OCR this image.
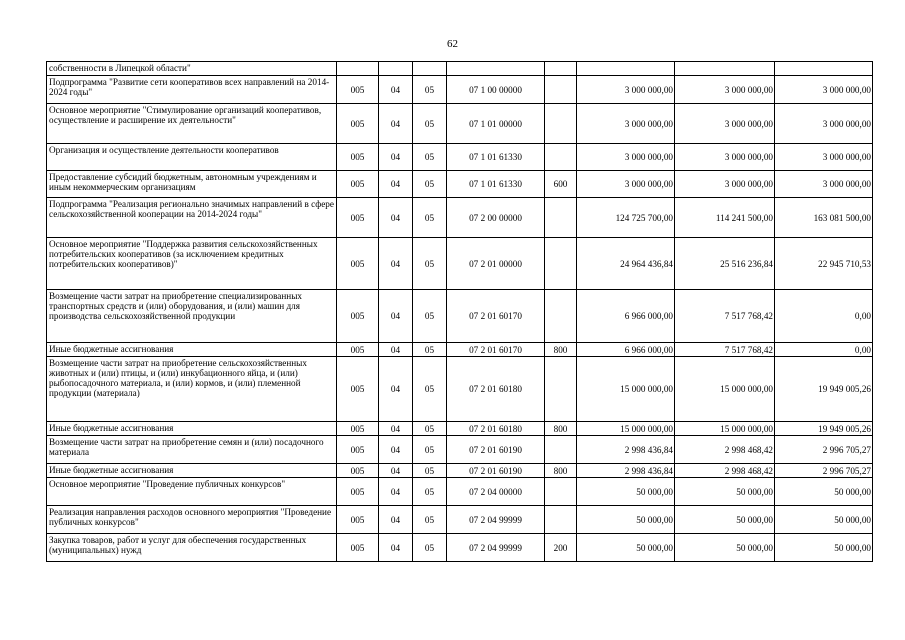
62
собственности в Липецкой области"								
Подпрограмма "Развитие сети кооперативов всех направлений на 2014-2024 годы"	005	04	05	07 1 00 00000		3 000 000,00	3 000 000,00	3 000 000,00
Основное мероприятие "Стимулирование организаций кооперативов, осуществление и расширение их деятельности"	005	04	05	07 1 01 00000		3 000 000,00	3 000 000,00	3 000 000,00
Организация и осуществление деятельности кооперативов	005	04	05	07 1 01 61330		3 000 000,00	3 000 000,00	3 000 000,00
Предоставление субсидий бюджетным, автономным учреждениям и иным некоммерческим организациям	005	04	05	07 1 01 61330	600	3 000 000,00	3 000 000,00	3 000 000,00
Подпрограмма "Реализация регионально значимых направлений в сфере сельскохозяйственной кооперации на 2014-2024 годы"	005	04	05	07 2 00 00000		124 725 700,00	114 241 500,00	163 081 500,00
Основное мероприятие "Поддержка развития сельскохозяйственных потребительских кооперативов (за исключением кредитных потребительских кооперативов)"	005	04	05	07 2 01 00000		24 964 436,84	25 516 236,84	22 945 710,53
Возмещение части затрат на приобретение специализированных транспортных средств и (или) оборудования, и (или) машин для производства сельскохозяйственной продукции	005	04	05	07 2 01 60170		6 966 000,00	7 517 768,42	0,00
Иные бюджетные ассигнования	005	04	05	07 2 01 60170	800	6 966 000,00	7 517 768,42	0,00
Возмещение части затрат на приобретение сельскохозяйственных животных и (или) птицы, и (или) инкубационного яйца, и (или) рыбопосадочного материала, и (или) кормов, и (или) племенной продукции (материала)	005	04	05	07 2 01 60180		15 000 000,00	15 000 000,00	19 949 005,26
Иные бюджетные ассигнования	005	04	05	07 2 01 60180	800	15 000 000,00	15 000 000,00	19 949 005,26
Возмещение части затрат на приобретение семян и (или) посадочного материала	005	04	05	07 2 01 60190		2 998 436,84	2 998 468,42	2 996 705,27
Иные бюджетные ассигнования	005	04	05	07 2 01 60190	800	2 998 436,84	2 998 468,42	2 996 705,27
Основное мероприятие "Проведение публичных конкурсов"	005	04	05	07 2 04 00000		50 000,00	50 000,00	50 000,00
Реализация направления расходов основного мероприятия "Проведение публичных конкурсов"	005	04	05	07 2 04 99999		50 000,00	50 000,00	50 000,00
Закупка товаров, работ и услуг для обеспечения государственных (муниципальных) нужд	005	04	05	07 2 04 99999	200	50 000,00	50 000,00	50 000,00
